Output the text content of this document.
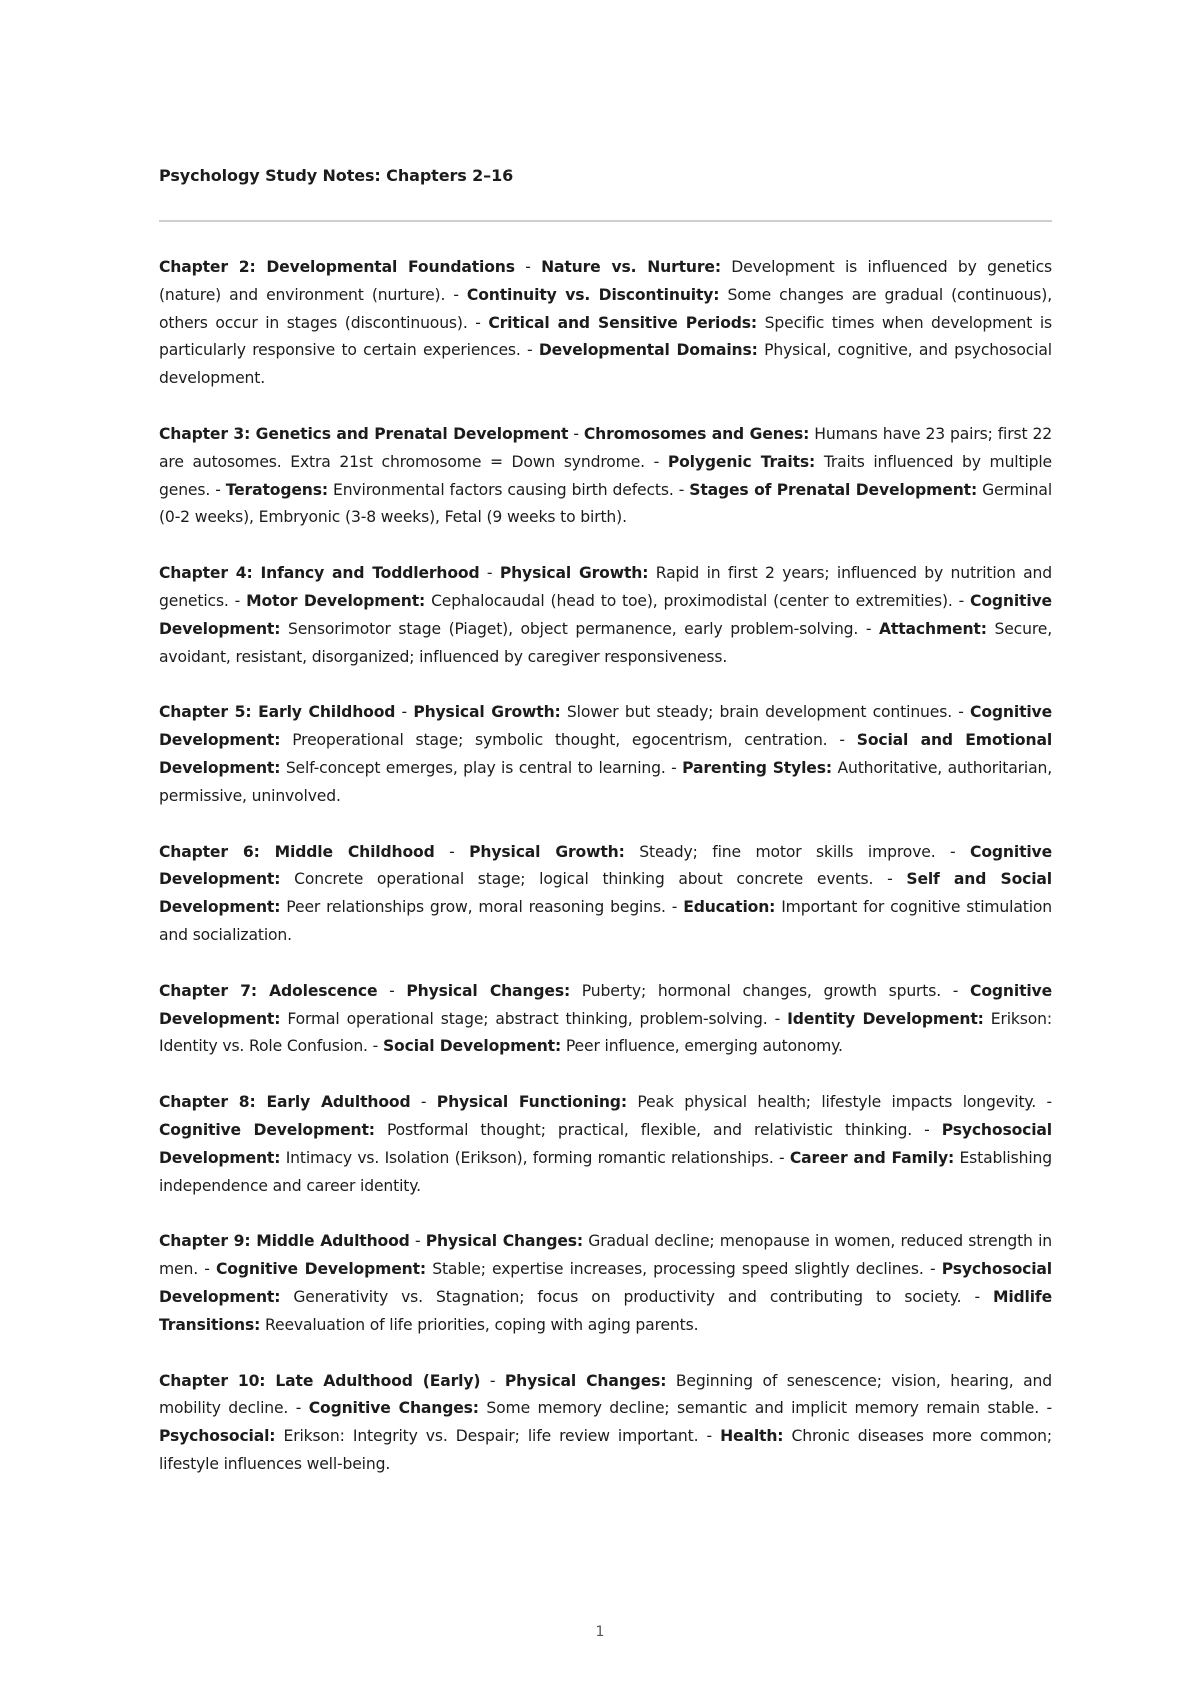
Psychology Study Notes: Chapters 2–16

Chapter 2: Developmental Foundations - Nature vs. Nurture: Development is influenced by genetics (nature) and environment (nurture). - Continuity vs. Discontinuity: Some changes are gradual (continuous), others occur in stages (discontinuous). - Critical and Sensitive Periods: Specific times when development is particularly responsive to certain experiences. - Developmental Domains: Physical, cognitive, and psychosocial development.

Chapter 3: Genetics and Prenatal Development - Chromosomes and Genes: Humans have 23 pairs; first 22 are autosomes. Extra 21st chromosome = Down syndrome. - Polygenic Traits: Traits influenced by multiple genes. - Teratogens: Environmental factors causing birth defects. - Stages of Prenatal Development: Germinal (0-2 weeks), Embryonic (3-8 weeks), Fetal (9 weeks to birth).

Chapter 4: Infancy and Toddlerhood - Physical Growth: Rapid in first 2 years; influenced by nutrition and genetics. - Motor Development: Cephalocaudal (head to toe), proximodistal (center to extremities). - Cognitive Development: Sensorimotor stage (Piaget), object permanence, early problem-solving. - Attachment: Secure, avoidant, resistant, disorganized; influenced by caregiver responsiveness.

Chapter 5: Early Childhood - Physical Growth: Slower but steady; brain development continues. - Cognitive Development: Preoperational stage; symbolic thought, egocentrism, centration. - Social and Emotional Development: Self-concept emerges, play is central to learning. - Parenting Styles: Authoritative, authoritarian, permissive, uninvolved.

Chapter 6: Middle Childhood - Physical Growth: Steady; fine motor skills improve. - Cognitive Development: Concrete operational stage; logical thinking about concrete events. - Self and Social Development: Peer relationships grow, moral reasoning begins. - Education: Important for cognitive stimulation and socialization.

Chapter 7: Adolescence - Physical Changes: Puberty; hormonal changes, growth spurts. - Cognitive Development: Formal operational stage; abstract thinking, problem-solving. - Identity Development: Erikson: Identity vs. Role Confusion. - Social Development: Peer influence, emerging autonomy.

Chapter 8: Early Adulthood - Physical Functioning: Peak physical health; lifestyle impacts longevity. - Cognitive Development: Postformal thought; practical, flexible, and relativistic thinking. - Psychosocial Development: Intimacy vs. Isolation (Erikson), forming romantic relationships. - Career and Family: Establishing independence and career identity.

Chapter 9: Middle Adulthood - Physical Changes: Gradual decline; menopause in women, reduced strength in men. - Cognitive Development: Stable; expertise increases, processing speed slightly declines. - Psychosocial Development: Generativity vs. Stagnation; focus on productivity and contributing to society. - Midlife Transitions: Reevaluation of life priorities, coping with aging parents.

Chapter 10: Late Adulthood (Early) - Physical Changes: Beginning of senescence; vision, hearing, and mobility decline. - Cognitive Changes: Some memory decline; semantic and implicit memory remain stable. - Psychosocial: Erikson: Integrity vs. Despair; life review important. - Health: Chronic diseases more common; lifestyle influences well-being.

1
